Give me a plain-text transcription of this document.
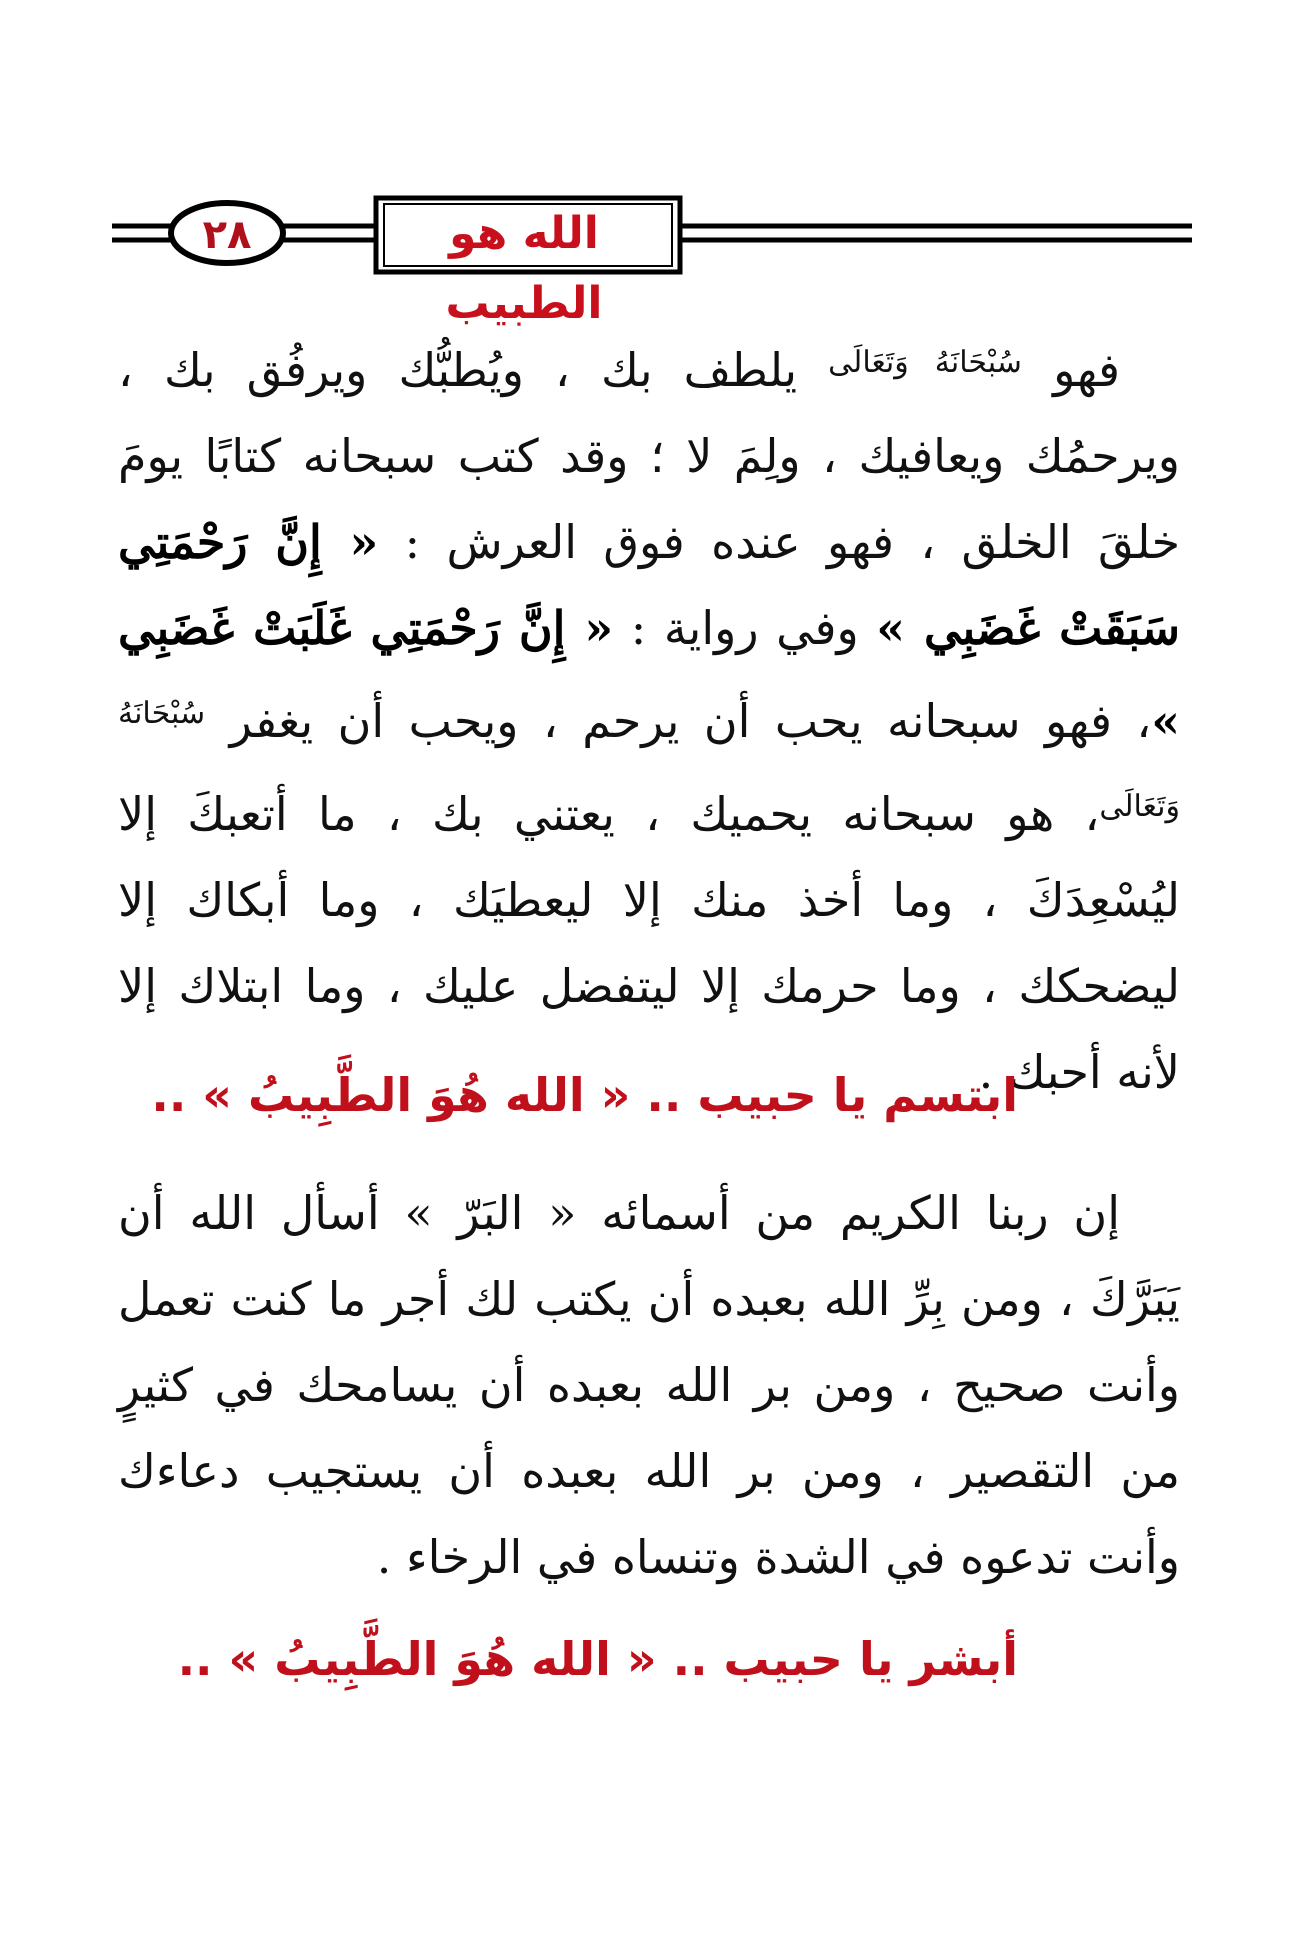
٢٨	الله هو الطبيب
فهو $^{سُبْحَانَهُ وَتَعَالَى}$ يلطف بك ، ويُطبُّك ويرفُق بك ، ويرحمُك ويعافيك ، ولِمَ لا ؛ وقد كتب سبحانه كتابًا يومَ خلقَ الخلق ، فهو عنده فوق العرش : « إِنَّ رَحْمَتِي سَبَقَتْ غَضَبِي » وفي رواية : « إِنَّ رَحْمَتِي غَلَبَتْ غَضَبِي »، فهو سبحانه يحب أن يرحم ، ويحب أن يغفر $^{سُبْحَانَهُ وَتَعَالَى}$، هو سبحانه يحميك ، يعتني بك ، ما أتعبكَ إلا ليُسْعِدَكَ ، وما أخذ منك إلا ليعطيَك ، وما أبكاك إلا ليضحكك ، وما حرمك إلا ليتفضل عليك ، وما ابتلاك إلا لأنه أحبك .
ابتسم يا حبيب .. « الله هُوَ الطَّبِيبُ » ..
إن ربنا الكريم من أسمائه « البَرّ » أسأل الله أن يَبَرَّكَ ، ومن بِرِّ الله بعبده أن يكتب لك أجر ما كنت تعمل وأنت صحيح ، ومن بر الله بعبده أن يسامحك في كثيرٍ من التقصير ، ومن بر الله بعبده أن يستجيب دعاءك وأنت تدعوه في الشدة وتنساه في الرخاء .
أبشر يا حبيب .. « الله هُوَ الطَّبِيبُ » ..
